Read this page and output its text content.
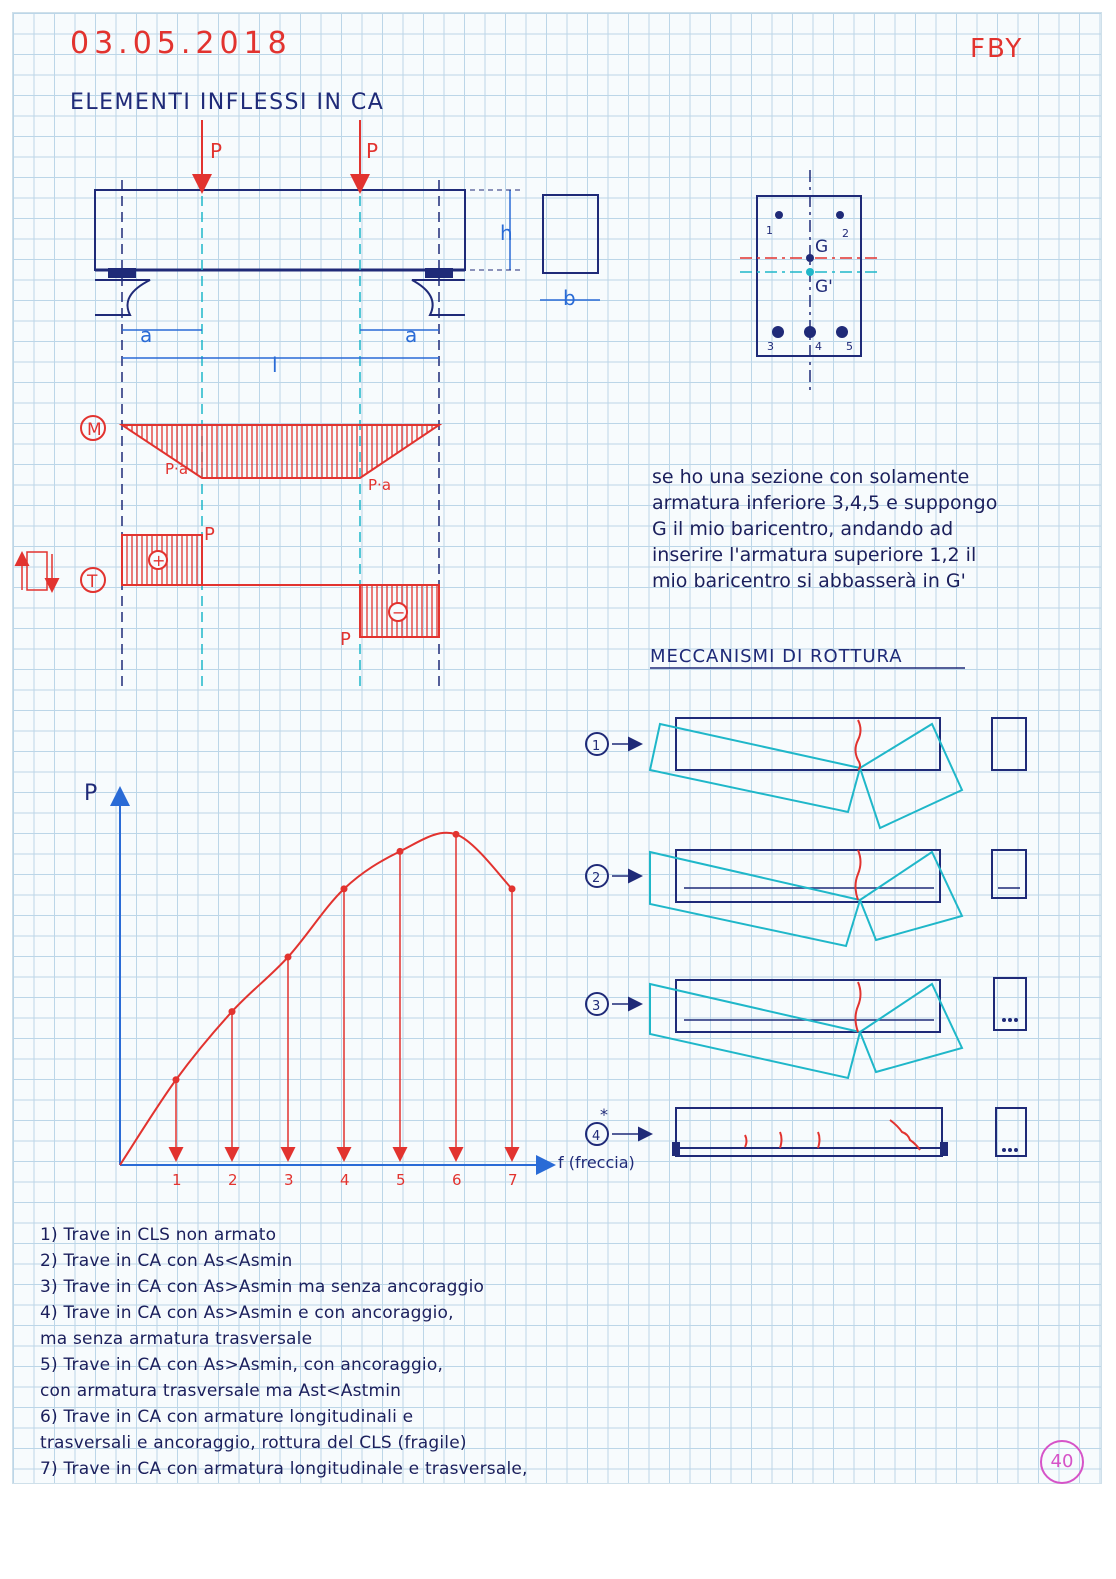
1	2	3	4	5	6	7
P
f (freccia)
P	P
P
P
P·a
P·a
M
T
+
−
h
b
a	a
l
G
G'
1	2
3	4 5
1
2
3
4
*
03.05.2018	FBY
ELEMENTI INFLESSI IN CA
se ho una sezione con solamente
armatura inferiore 3,4,5 e suppongo
G il mio baricentro, andando ad
inserire l'armatura superiore 1,2 il
mio baricentro si abbasserà in G'
MECCANISMI DI ROTTURA
1) Trave in CLS non armato
2) Trave in CA con As<Asmin
3) Trave in CA con As>Asmin ma senza ancoraggio
4) Trave in CA con As>Asmin e con ancoraggio,
ma senza armatura trasversale
5) Trave in CA con As>Asmin, con ancoraggio,
con armatura trasversale ma Ast<Astmin
6) Trave in CA con armature longitudinali e
trasversali e ancoraggio, rottura del CLS (fragile)
7) Trave in CA con armatura longitudinale e trasversale,	40
